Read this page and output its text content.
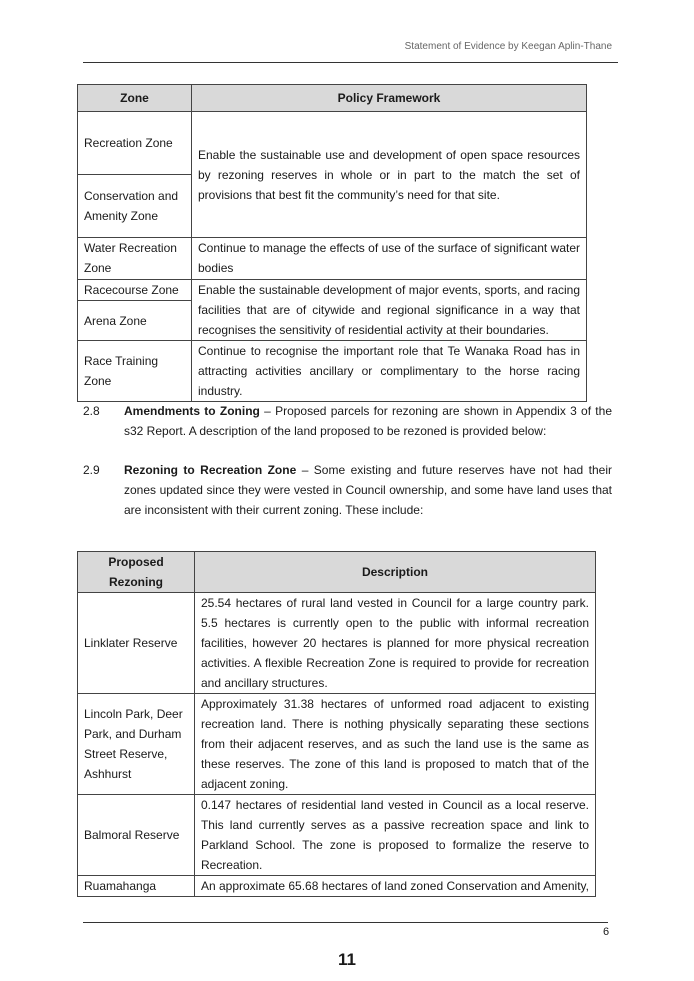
Statement of Evidence by Keegan Aplin-Thane
Zone	Policy Framework
Recreation Zone	Enable the sustainable use and development of open space resources by rezoning reserves in whole or in part to the match the set of provisions that best fit the community’s need for that site.
Conservation and Amenity Zone	
Water Recreation Zone	Continue to manage the effects of use of the surface of significant water bodies
Racecourse Zone	Enable the sustainable development of major events, sports, and racing facilities that are of citywide and regional significance in a way that recognises the sensitivity of residential activity at their boundaries.
Arena Zone	
Race Training Zone	Continue to recognise the important role that Te Wanaka Road has in attracting activities ancillary or complimentary to the horse racing industry.
2.8 Amendments to Zoning – Proposed parcels for rezoning are shown in Appendix 3 of the s32 Report. A description of the land proposed to be rezoned is provided below:
2.9 Rezoning to Recreation Zone – Some existing and future reserves have not had their zones updated since they were vested in Council ownership, and some have land uses that are inconsistent with their current zoning. These include:
Proposed Rezoning	Description
Linklater Reserve	25.54 hectares of rural land vested in Council for a large country park. 5.5 hectares is currently open to the public with informal recreation facilities, however 20 hectares is planned for more physical recreation activities. A flexible Recreation Zone is required to provide for recreation and ancillary structures.
Lincoln Park, Deer Park, and Durham Street Reserve, Ashhurst	Approximately 31.38 hectares of unformed road adjacent to existing recreation land. There is nothing physically separating these sections from their adjacent reserves, and as such the land use is the same as these reserves. The zone of this land is proposed to match that of the adjacent zoning.
Balmoral Reserve	0.147 hectares of residential land vested in Council as a local reserve. This land currently serves as a passive recreation space and link to Parkland School. The zone is proposed to formalize the reserve to Recreation.
Ruamahanga	An approximate 65.68 hectares of land zoned Conservation and Amenity,
6
11
